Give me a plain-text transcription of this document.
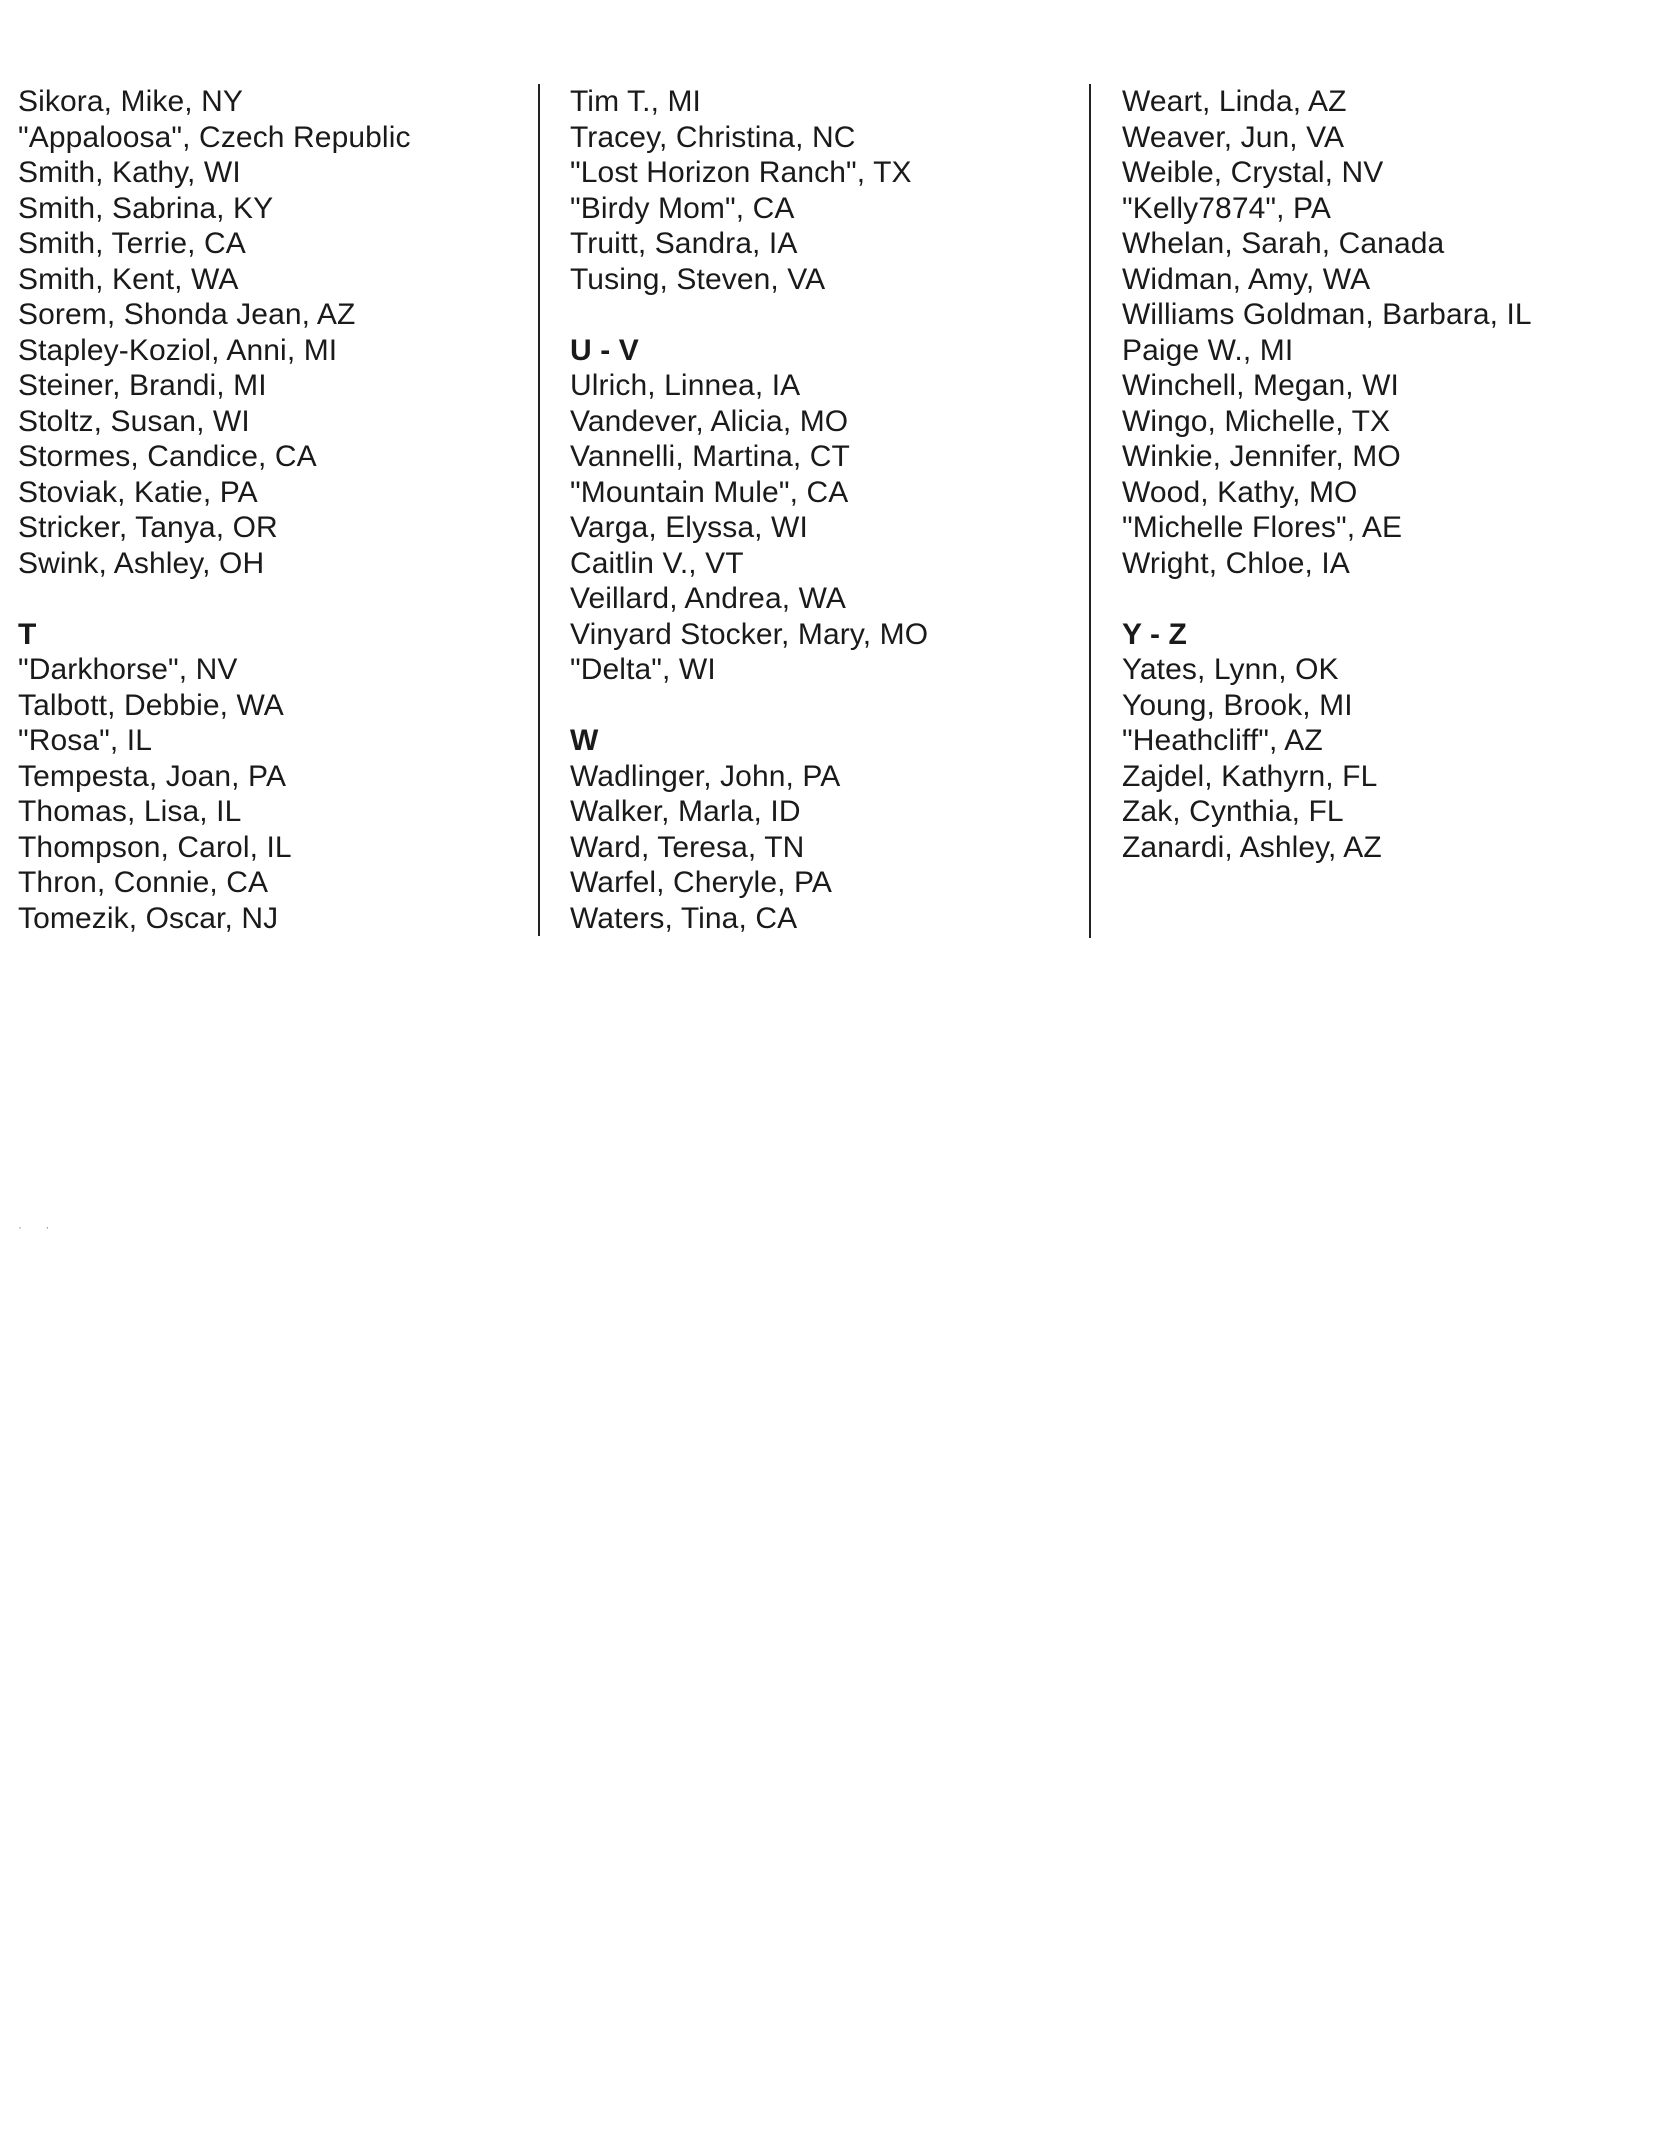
Sikora, Mike, NY
"Appaloosa", Czech Republic
Smith, Kathy, WI
Smith, Sabrina, KY
Smith, Terrie, CA
Smith, Kent, WA
Sorem, Shonda Jean, AZ
Stapley-Koziol, Anni, MI
Steiner, Brandi, MI
Stoltz, Susan, WI
Stormes, Candice, CA
Stoviak, Katie, PA
Stricker, Tanya, OR
Swink, Ashley, OH
T
"Darkhorse", NV
Talbott, Debbie, WA
"Rosa", IL
Tempesta, Joan, PA
Thomas, Lisa, IL
Thompson, Carol, IL
Thron, Connie, CA
Tomezik, Oscar, NJ
Tim T., MI
Tracey, Christina, NC
"Lost Horizon Ranch", TX
"Birdy Mom", CA
Truitt, Sandra, IA
Tusing, Steven, VA
U - V
Ulrich, Linnea, IA
Vandever, Alicia, MO
Vannelli, Martina, CT
"Mountain Mule", CA
Varga, Elyssa, WI
Caitlin V., VT
Veillard, Andrea, WA
Vinyard Stocker, Mary, MO
"Delta", WI
W
Wadlinger, John, PA
Walker, Marla, ID
Ward, Teresa, TN
Warfel, Cheryle, PA
Waters, Tina, CA
Weart, Linda, AZ
Weaver, Jun, VA
Weible, Crystal, NV
"Kelly7874", PA
Whelan, Sarah, Canada
Widman, Amy, WA
Williams Goldman, Barbara, IL
Paige W., MI
Winchell, Megan, WI
Wingo, Michelle, TX
Winkie, Jennifer, MO
Wood, Kathy, MO
"Michelle Flores", AE
Wright, Chloe, IA
Y - Z
Yates, Lynn, OK
Young, Brook, MI
"Heathcliff", AZ
Zajdel, Kathyrn, FL
Zak, Cynthia, FL
Zanardi, Ashley, AZ
· ·
